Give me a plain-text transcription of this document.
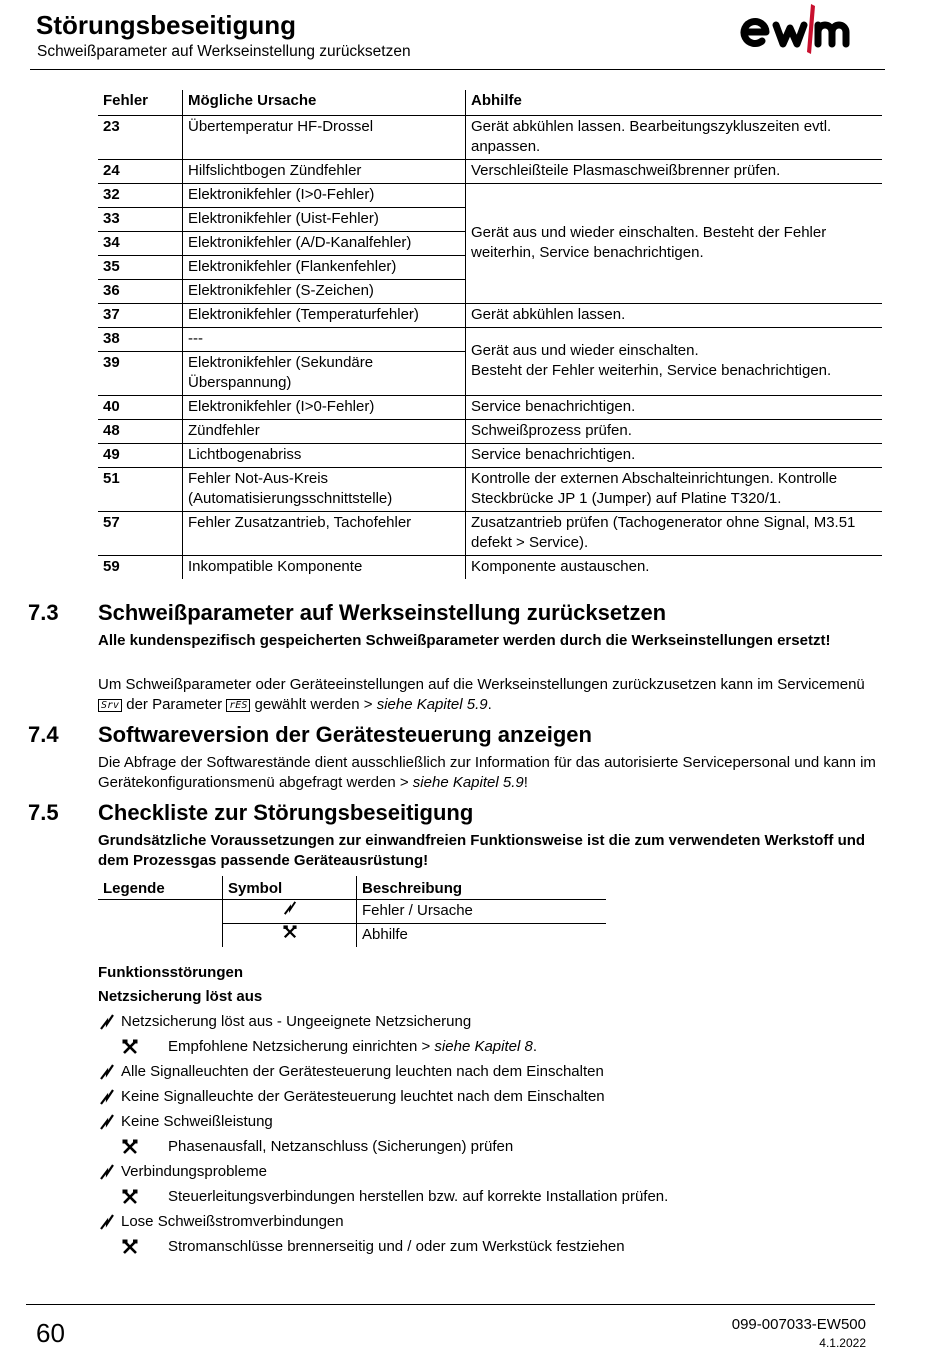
Störungsbeseitigung
Schweißparameter auf Werkseinstellung zurücksetzen
Fehler	Mögliche Ursache	Abhilfe
23	Übertemperatur HF-Drossel	Gerät abkühlen lassen. Bearbeitungszykluszeiten evtl. anpassen.
24	Hilfslichtbogen Zündfehler	Verschleißteile Plasmaschweißbrenner prüfen.
32	Elektronikfehler (I>0-Fehler)	Gerät aus und wieder einschalten. Besteht der Fehler weiterhin, Service benachrichtigen.
33	Elektronikfehler (Uist-Fehler)	
34	Elektronikfehler (A/D-Kanalfehler)	
35	Elektronikfehler (Flankenfehler)	
36	Elektronikfehler (S-Zeichen)	
37	Elektronikfehler (Temperaturfehler)	Gerät abkühlen lassen.
38	---	Gerät aus und wieder einschalten.
Besteht der Fehler weiterhin, Service benachrichtigen.
39	Elektronikfehler (Sekundäre Überspannung)	
40	Elektronikfehler (I>0-Fehler)	Service benachrichtigen.
48	Zündfehler	Schweißprozess prüfen.
49	Lichtbogenabriss	Service benachrichtigen.
51	Fehler Not-Aus-Kreis (Automatisierungsschnittstelle)	Kontrolle der externen Abschalteinrichtungen. Kontrolle Steckbrücke JP 1 (Jumper) auf Platine T320/1.
57	Fehler Zusatzantrieb, Tachofehler	Zusatzantrieb prüfen (Tachogenerator ohne Signal, M3.51 defekt > Service).
59	Inkompatible Komponente	Komponente austauschen.
7.3 Schweißparameter auf Werkseinstellung zurücksetzen

Alle kundenspezifisch gespeicherten Schweißparameter werden durch die Werkseinstellungen ersetzt!

Um Schweißparameter oder Geräteeinstellungen auf die Werkseinstellungen zurückzusetzen kann im Servicemenü Srv der Parameter rES gewählt werden > siehe Kapitel 5.9.

7.4 Softwareversion der Gerätesteuerung anzeigen

Die Abfrage der Softwarestände dient ausschließlich zur Information für das autorisierte Servicepersonal und kann im Gerätekonfigurationsmenü abgefragt werden > siehe Kapitel 5.9!

7.5 Checkliste zur Störungsbeseitigung

Grundsätzliche Voraussetzungen zur einwandfreien Funktionsweise ist die zum verwendeten Werkstoff und dem Prozessgas passende Geräteausrüstung!

Legende	Symbol	Beschreibung
		Fehler / Ursache
		Abhilfe
Funktionsstörungen
Netzsicherung löst aus
Netzsicherung löst aus - Ungeeignete Netzsicherung
Empfohlene Netzsicherung einrichten > siehe Kapitel 8.
Alle Signalleuchten der Gerätesteuerung leuchten nach dem Einschalten
Keine Signalleuchte der Gerätesteuerung leuchtet nach dem Einschalten
Keine Schweißleistung
Phasenausfall, Netzanschluss (Sicherungen) prüfen
Verbindungsprobleme
Steuerleitungsverbindungen herstellen bzw. auf korrekte Installation prüfen.
Lose Schweißstromverbindungen
Stromanschlüsse brennerseitig und / oder zum Werkstück festziehen
60	099-007033-EW500
4.1.2022
